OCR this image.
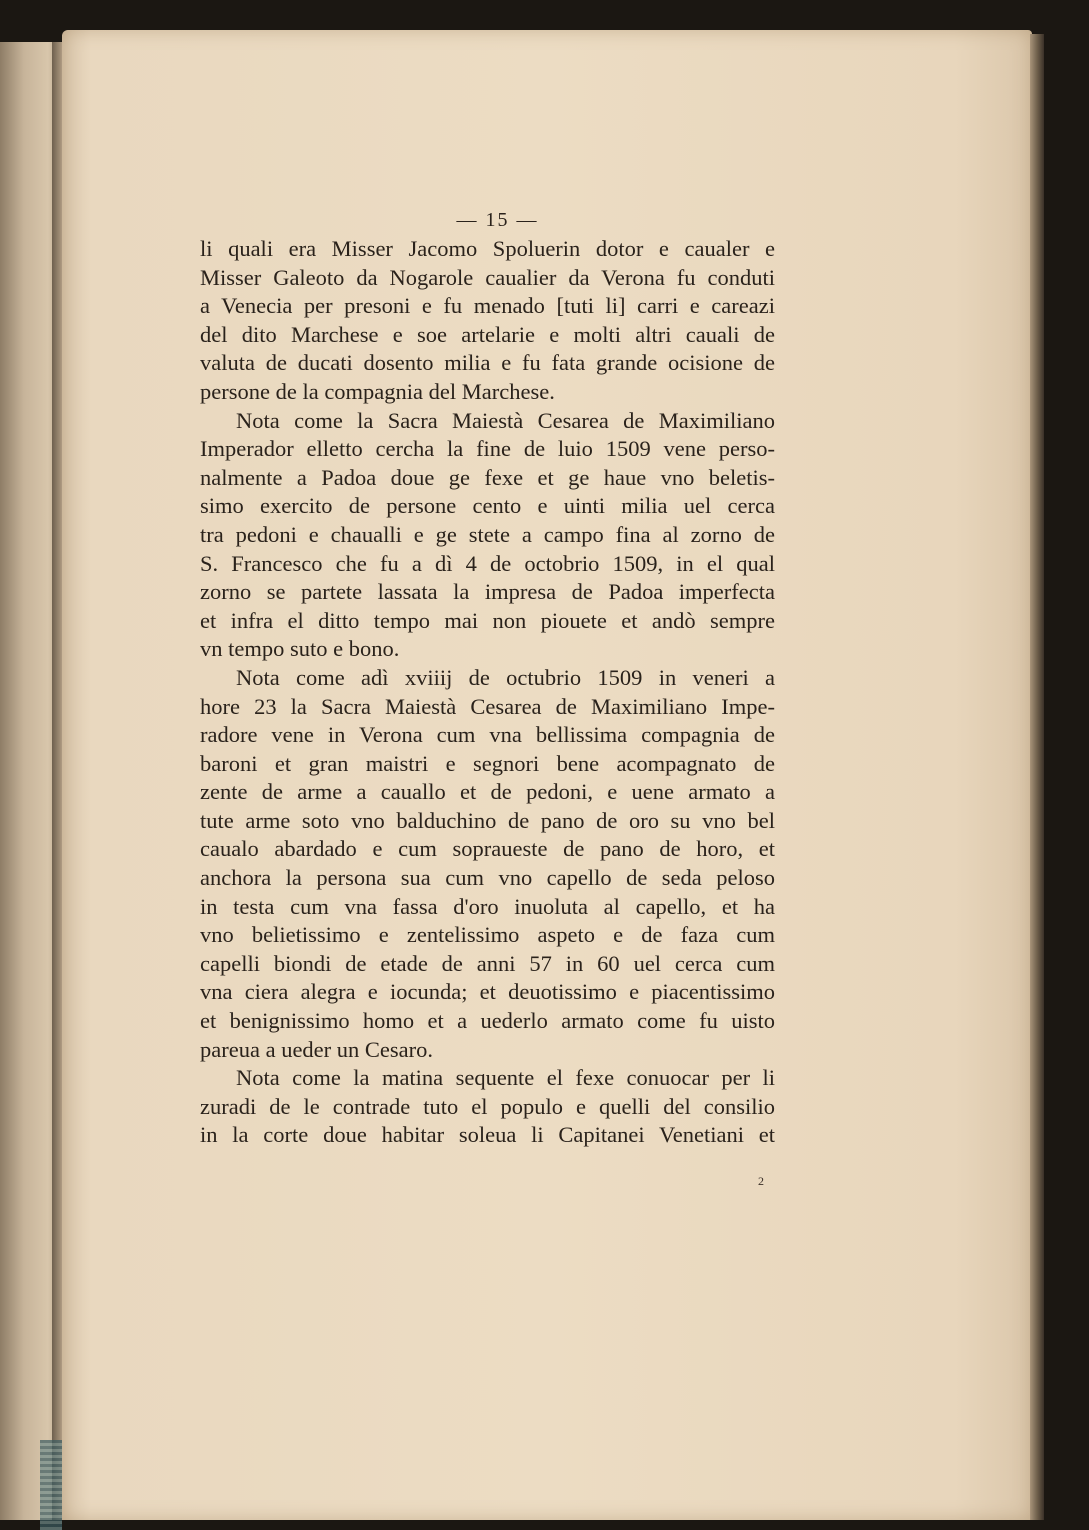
— 15 —
li quali era Misser Jacomo Spoluerin dotor e caualer e
Misser Galeoto da Nogarole caualier da Verona fu conduti
a Venecia per presoni e fu menado [tuti li] carri e careazi
del dito Marchese e soe artelarie e molti altri cauali de
valuta de ducati dosento milia e fu fata grande ocisione de
persone de la compagnia del Marchese.
Nota come la Sacra Maiestà Cesarea de Maximiliano
Imperador elletto cercha la fine de luio 1509 vene perso-
nalmente a Padoa doue ge fexe et ge haue vno beletis-
simo exercito de persone cento e uinti milia uel cerca
tra pedoni e chaualli e ge stete a campo fina al zorno de
S. Francesco che fu a dì 4 de octobrio 1509, in el qual
zorno se partete lassata la impresa de Padoa imperfecta
et infra el ditto tempo mai non piouete et andò sempre
vn tempo suto e bono.
Nota come adì xviiij de octubrio 1509 in veneri a
hore 23 la Sacra Maiestà Cesarea de Maximiliano Impe-
radore vene in Verona cum vna bellissima compagnia de
baroni et gran maistri e segnori bene acompagnato de
zente de arme a cauallo et de pedoni, e uene armato a
tute arme soto vno balduchino de pano de oro su vno bel
caualo abardado e cum sopraueste de pano de horo, et
anchora la persona sua cum vno capello de seda peloso
in testa cum vna fassa d'oro inuoluta al capello, et ha
vno belietissimo e zentelissimo aspeto e de faza cum
capelli biondi de etade de anni 57 in 60 uel cerca cum
vna ciera alegra e iocunda; et deuotissimo e piacentissimo
et benignissimo homo et a uederlo armato come fu uisto
pareua a ueder un Cesaro.
Nota come la matina sequente el fexe conuocar per li
zuradi de le contrade tuto el populo e quelli del consilio
in la corte doue habitar soleua li Capitanei Venetiani et
2
